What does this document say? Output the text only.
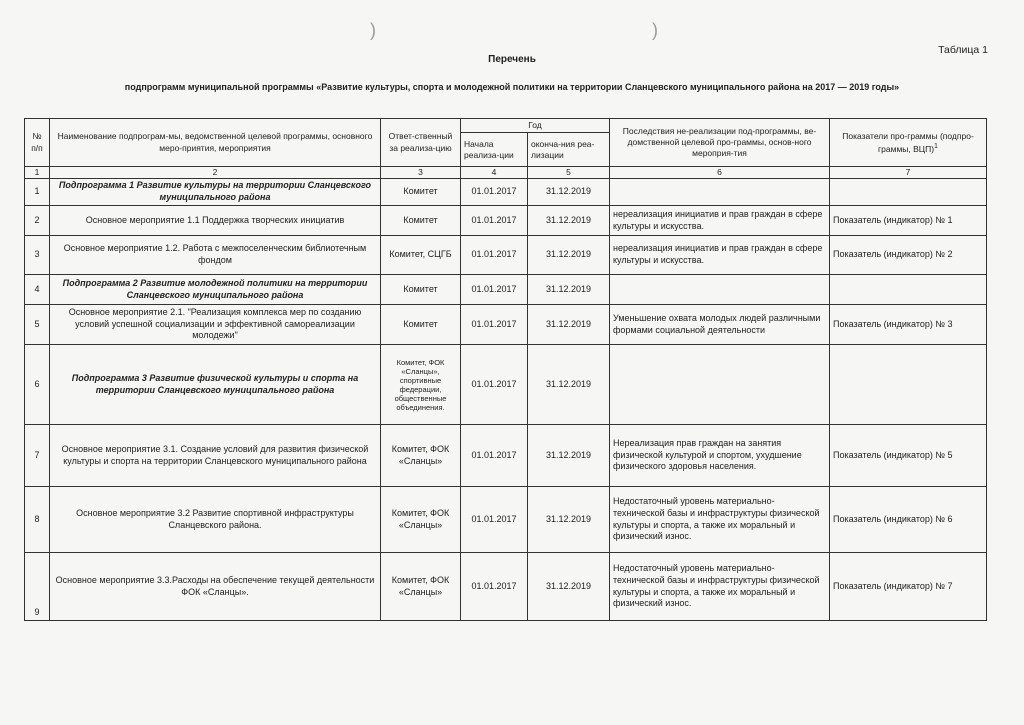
)	)
Таблица 1
Перечень
подпрограмм муниципальной программы «Развитие культуры, спорта и молодежной политики на территории Сланцевского муниципального района на 2017 — 2019 годы»
№ п/п	Наименование подпрограм-мы, ведомственной целевой программы, основного меро-приятия, мероприятия	Ответ-ственный за реализа-цию	Год		Последствия не-реализации под-программы, ве-домственной целевой про-граммы, основ-ного мероприя-тия	Показатели про-граммы (подпро-граммы, ВЦП)$^1$
			Начала реализа-ции	оконча-ния реа-лизации		
1	2	3	4	5	6	7
1	Подпрограмма 1 Развитие культуры на территории Сланцевского муниципального района	Комитет	01.01.2017	31.12.2019		
2	Основное мероприятие 1.1 Поддержка творческих инициатив	Комитет	01.01.2017	31.12.2019	нереализация инициатив и прав граждан в сфере культуры и искусства.	Показатель (индикатор) № 1
3	Основное мероприятие 1.2. Работа с межпоселенческим библиотечным фондом	Комитет, СЦГБ	01.01.2017	31.12.2019	нереализация инициатив и прав граждан в сфере культуры и искусства.	Показатель (индикатор) № 2
4	Подпрограмма 2 Развитие молодежной политики на территории Сланцевского муниципального района	Комитет	01.01.2017	31.12.2019		
5	Основное мероприятие 2.1. "Реализация комплекса мер по созданию условий успешной социализации и эффективной самореализации молодежи"	Комитет	01.01.2017	31.12.2019	Уменьшение охвата молодых людей различными формами социальной деятельности	Показатель (индикатор) № 3
6	Подпрограмма 3 Развитие физической культуры и спорта на территории Сланцевского муниципального района	Комитет, ФОК «Сланцы», спортивные федерации, общественные объединения.	01.01.2017	31.12.2019		
7	Основное мероприятие 3.1. Создание условий для развития физической культуры и спорта на территории Сланцевского муниципального района	Комитет, ФОК «Сланцы»	01.01.2017	31.12.2019	Нереализация прав граждан на занятия физической культурой и спортом, ухудшение физического здоровья населения.	Показатель (индикатор) № 5
8	Основное мероприятие 3.2 Развитие спортивной инфраструктуры Сланцевского района.	Комитет, ФОК «Сланцы»	01.01.2017	31.12.2019	Недостаточный уровень материально-технической базы и инфраструктуры физической культуры и спорта, а также их моральный и физический износ.	Показатель (индикатор) № 6
9	Основное мероприятие 3.3.Расходы на обеспечение текущей деятельности ФОК «Сланцы».	Комитет, ФОК «Сланцы»	01.01.2017	31.12.2019	Недостаточный уровень материально-технической базы и инфраструктуры физической культуры и спорта, а также их моральный и физический износ.	Показатель (индикатор) № 7
